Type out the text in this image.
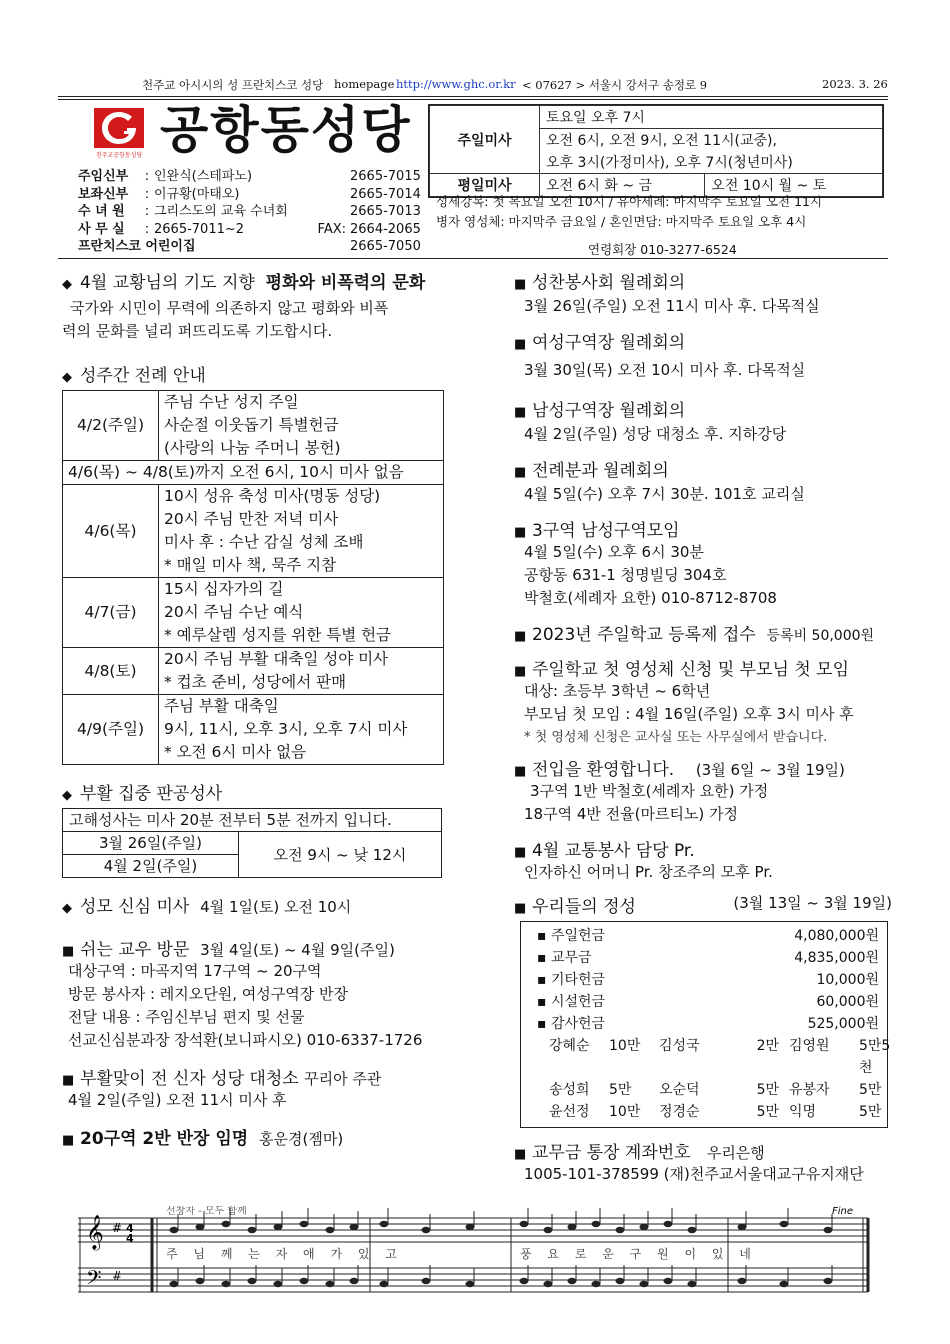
천주교 아시시의 성 프란치스코 성당 homepage http://www.ghc.or.kr < 07627 > 서울시 강서구 송정로 9	2023. 3. 26
천주교공항동성당 공항동성당
주임신부	: 인완식(스테파노)	2665-7015
보좌신부	: 이규황(마태오)	2665-7014
수 녀 원	: 그리스도의 교육 수녀회	2665-7013
사 무 실	: 2665-7011~2	FAX: 2664-2065
프란치스코 어린이집	2665-7050
주일미사	토요일 오후 7시	
	오전 6시, 오전 9시, 오전 11시(교중),	
	오후 3시(가정미사), 오후 7시(청년미사)	
평일미사	오전 6시 화 ~ 금	오전 10시 월 ~ 토
성세강복: 첫 목요일 오전 10시 / 유아세례: 마지막주 토요일 오전 11시
병자 영성체: 마지막주 금요일 / 혼인면담: 마지막주 토요일 오후 4시
연령회장 010-3277-6524
◆ 4월 교황님의 기도 지향 평화와 비폭력의 문화
국가와 시민이 무력에 의존하지 않고 평화와 비폭
력의 문화를 널리 퍼뜨리도록 기도합시다.
◆ 성주간 전례 안내
4/2(주일)	주님 수난 성지 주일
사순절 이웃돕기 특별헌금
(사랑의 나눔 주머니 봉헌)

4/6(목) ~ 4/8(토)까지 오전 6시, 10시 미사 없음	
4/6(목)	10시 성유 축성 미사(명동 성당)
20시 주님 만찬 저녁 미사
미사 후 : 수난 감실 성체 조배
* 매일 미사 책, 묵주 지참

4/7(금)	15시 십자가의 길
20시 주님 수난 예식
* 예루살렘 성지를 위한 특별 헌금

4/8(토)	20시 주님 부활 대축일 성야 미사
* 컵초 준비, 성당에서 판매

4/9(주일)	주님 부활 대축일
9시, 11시, 오후 3시, 오후 7시 미사
* 오전 6시 미사 없음
◆ 부활 집중 판공성사
고해성사는 미사 20분 전부터 5분 전까지 입니다.
3월 26일(주일)	오전 9시 ~ 낮 12시
4월 2일(주일)
◆ 성모 신심 미사 4월 1일(토) 오전 10시
■ 쉬는 교우 방문 3월 4일(토) ~ 4월 9일(주일)
대상구역 : 마곡지역 17구역 ~ 20구역
방문 봉사자 : 레지오단원, 여성구역장 반장
전달 내용 : 주임신부님 편지 및 선물
선교신심분과장 장석환(보니파시오) 010-6337-1726
■ 부활맞이 전 신자 성당 대청소 꾸리아 주관
4월 2일(주일) 오전 11시 미사 후
■ 20구역 2반 반장 임명 홍운경(젬마)
■ 성찬봉사회 월례회의
3월 26일(주일) 오전 11시 미사 후. 다목적실
■ 여성구역장 월례회의
3월 30일(목) 오전 10시 미사 후. 다목적실
■ 남성구역장 월례회의
4월 2일(주일) 성당 대청소 후. 지하강당
■ 전례분과 월례회의
4월 5일(수) 오후 7시 30분. 101호 교리실
■ 3구역 남성구역모임
4월 5일(수) 오후 6시 30분
공항동 631-1 청명빌딩 304호
박철호(세례자 요한) 010-8712-8708
■ 2023년 주일학교 등록제 접수 등록비 50,000원
■ 주일학교 첫 영성체 신청 및 부모님 첫 모임
대상: 초등부 3학년 ~ 6학년
부모님 첫 모임 : 4월 16일(주일) 오후 3시 미사 후
* 첫 영성체 신청은 교사실 또는 사무실에서 받습니다.
■ 전입을 환영합니다. (3월 6일 ~ 3월 19일)
3구역 1반 박철호(세례자 요한) 가정
18구역 4반 전율(마르티노) 가정
■ 4월 교통봉사 담당 Pr.
인자하신 어머니 Pr. 창조주의 모후 Pr.
■ 우리들의 정성	(3월 13일 ~ 3월 19일)
▪ 주일헌금	4,080,000원
▪ 교무금	4,835,000원
▪ 기타헌금	10,000원
▪ 시설헌금	60,000원
▪ 감사헌금	525,000원
강혜순	10만	김성국	2만 김영원	5만5천
송성희	5만	오순덕	5만 유봉자	5만
윤선정	10만	정경순	5만 익명	5만
■ 교무금 통장 계좌번호 우리은행
1005-101-378599 (재)천주교서울대교구유지재단
𝄞
𝄢
#
#
4
4
선창자 - 모두 함께	Fine
주 님 께 는 자 애 가 있 고	풍 요 로 운 구 원 이 있 네
